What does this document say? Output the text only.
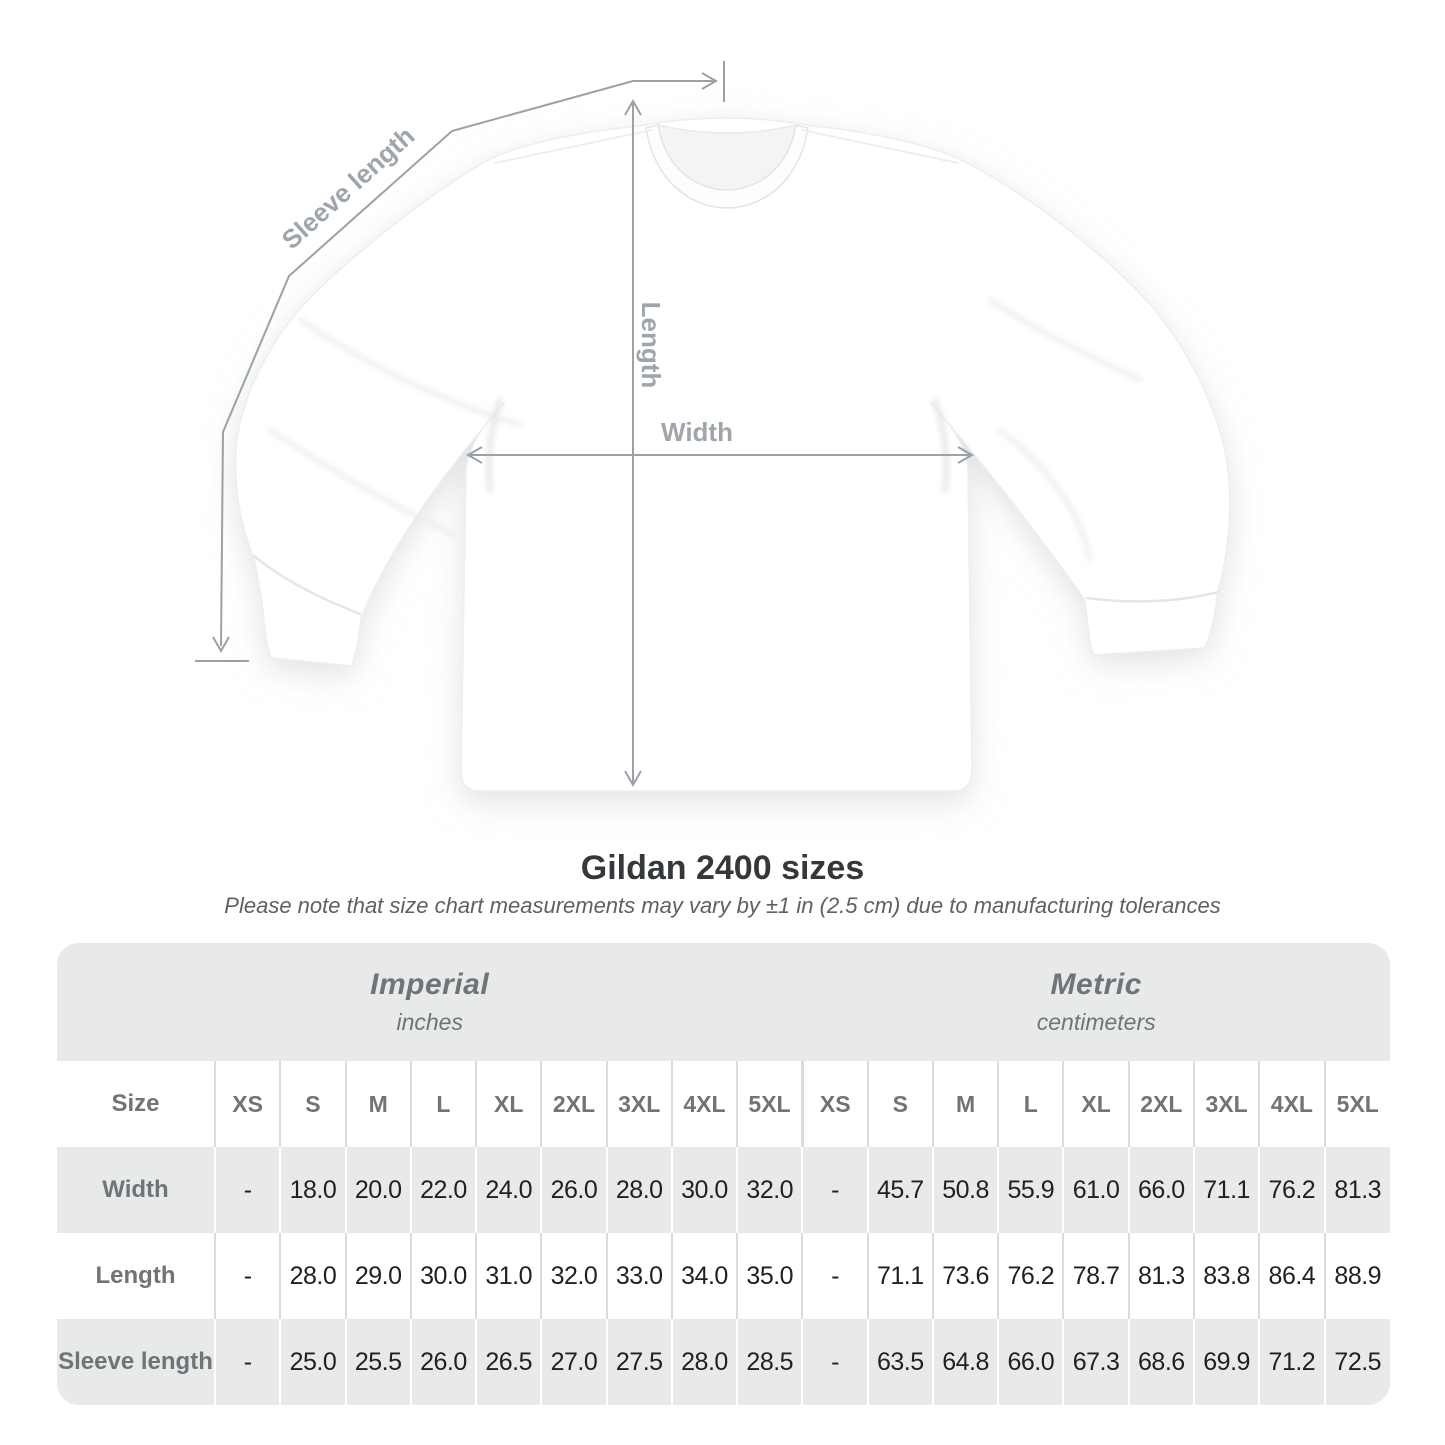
Sleeve length
Length
Width
Gildan 2400 sizes
Please note that size chart measurements may vary by ±1 in (2.5 cm) due to manufacturing tolerances
Imperial
inches

Metric
centimeters

Size	XS	S	M	L	XL	2XL	3XL	4XL	5XL	XS	S	M	L	XL	2XL	3XL	4XL	5XL
Width	-	18.0	20.0	22.0	24.0	26.0	28.0	30.0	32.0	-	45.7	50.8	55.9	61.0	66.0	71.1	76.2	81.3
Length	-	28.0	29.0	30.0	31.0	32.0	33.0	34.0	35.0	-	71.1	73.6	76.2	78.7	81.3	83.8	86.4	88.9
Sleeve length	-	25.0	25.5	26.0	26.5	27.0	27.5	28.0	28.5	-	63.5	64.8	66.0	67.3	68.6	69.9	71.2	72.5
